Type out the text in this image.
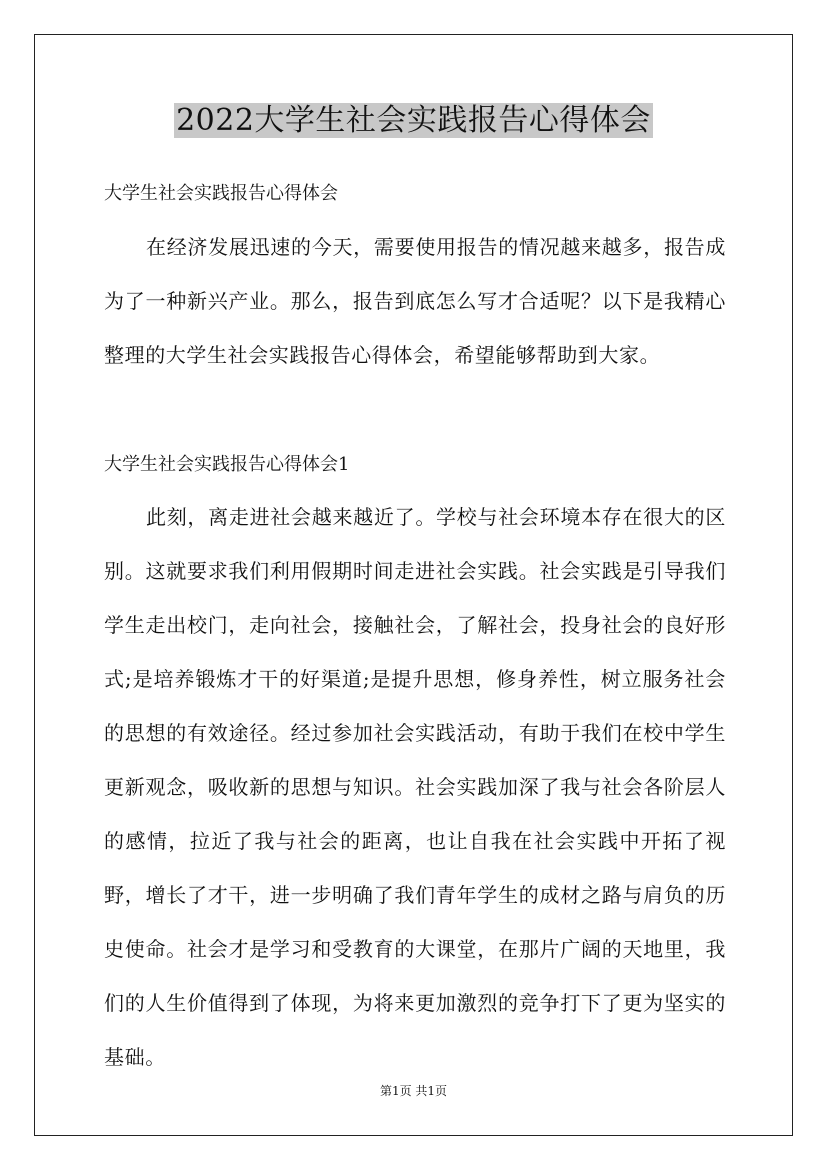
2022大学生社会实践报告心得体会
大学生社会实践报告心得体会
在经济发展迅速的今天，需要使用报告的情况越来越多，报告成为了一种新兴产业。那么，报告到底怎么写才合适呢？以下是我精心整理的大学生社会实践报告心得体会，希望能够帮助到大家。
大学生社会实践报告心得体会1
此刻，离走进社会越来越近了。学校与社会环境本存在很大的区别。这就要求我们利用假期时间走进社会实践。社会实践是引导我们学生走出校门，走向社会，接触社会，了解社会，投身社会的良好形式;是培养锻炼才干的好渠道;是提升思想，修身养性，树立服务社会的思想的有效途径。经过参加社会实践活动，有助于我们在校中学生更新观念，吸收新的思想与知识。社会实践加深了我与社会各阶层人的感情，拉近了我与社会的距离，也让自我在社会实践中开拓了视野，增长了才干，进一步明确了我们青年学生的成材之路与肩负的历史使命。社会才是学习和受教育的大课堂，在那片广阔的天地里，我们的人生价值得到了体现，为将来更加激烈的竞争打下了更为坚实的基础。
第1页 共1页
